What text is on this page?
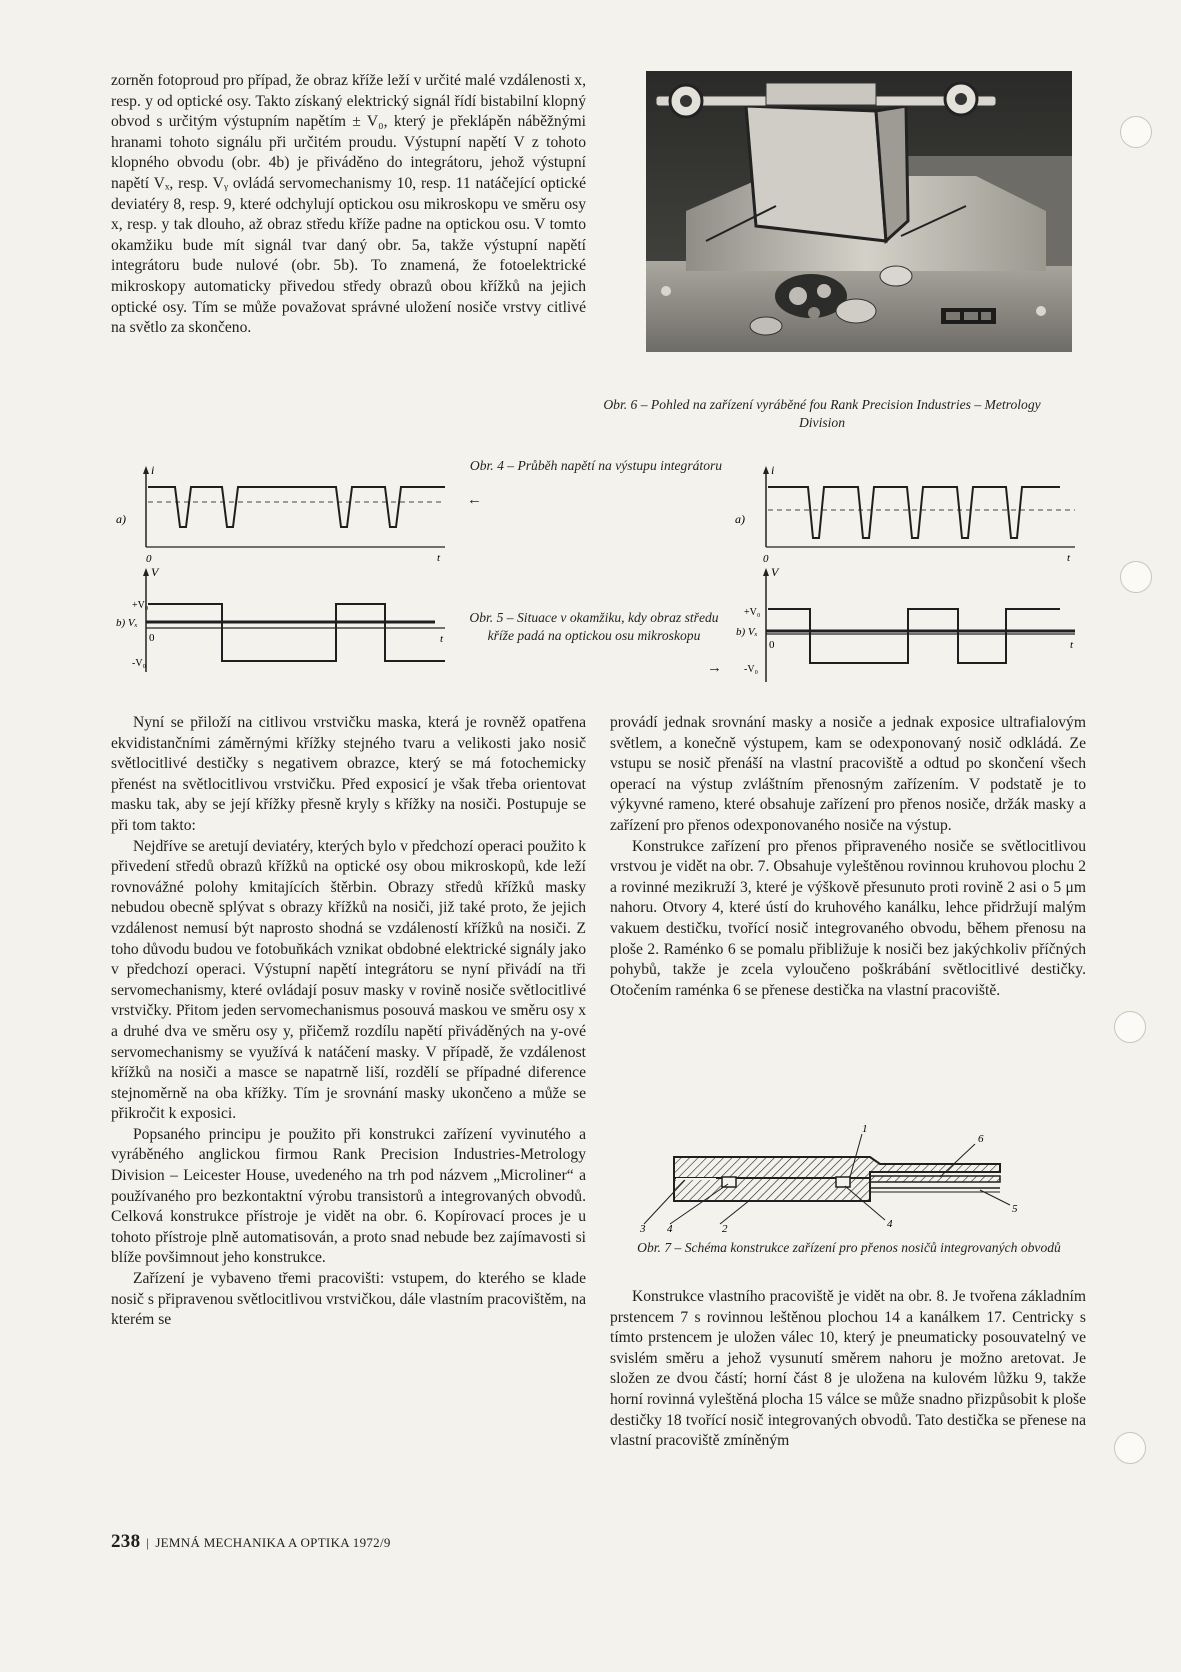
zorněn fotoproud pro případ, že obraz kříže leží v určité malé vzdálenosti x, resp. y od optické osy. Takto získaný elektrický signál řídí bistabilní klopný obvod s určitým výstupním napětím ± V₀, který je překlápěn náběžnými hranami tohoto signálu při určitém proudu. Výstupní napětí V z tohoto klopného obvodu (obr. 4b) je přiváděno do integrátoru, jehož výstupní napětí Vₓ, resp. Vᵧ ovládá servomechanismy 10, resp. 11 natáčející optické deviatéry 8, resp. 9, které odchylují optickou osu mikroskopu ve směru osy x, resp. y tak dlouho, až obraz středu kříže padne na optickou osu. V tomto okamžiku bude mít signál tvar daný obr. 5a, takže výstupní napětí integrátoru bude nulové (obr. 5b). To znamená, že fotoelektrické mikroskopy automaticky přivedou středy obrazů obou křížků na jejich optické osy. Tím se může považovat správné uložení nosiče vrstvy citlivé na světlo za skončeno.

Obr. 6 – Pohled na zařízení vyráběné fou Rank Precision Industries – Metrology Division
i
0	t
a)
V
b) Vₓ
+V₀
-V₀
0	t
Obr. 4 – Průběh napětí na výstupu integrátoru
←
Obr. 5 – Situace v okamžiku, kdy obraz středu kříže padá na optickou osu mikroskopu
→
i
0	t
a)
V
b) Vₓ
+V₀
-V₀
0	t

Nyní se přiloží na citlivou vrstvičku maska, která je rovněž opatřena ekvidistančními záměrnými křížky stejného tvaru a velikosti jako nosič světlocitlivé destičky s negativem obrazce, který se má fotochemicky přenést na světlocitlivou vrstvičku. Před exposicí je však třeba orientovat masku tak, aby se její křížky přesně kryly s křížky na nosiči. Postupuje se při tom takto:

Nejdříve se aretují deviatéry, kterých bylo v předchozí operaci použito k přivedení středů obrazů křížků na optické osy obou mikroskopů, kde leží rovnovážné polohy kmitajících štěrbin. Obrazy středů křížků masky nebudou obecně splývat s obrazy křížků na nosiči, již také proto, že jejich vzdálenost nemusí být naprosto shodná se vzdáleností křížků na nosiči. Z toho důvodu budou ve fotobuňkách vznikat obdobné elektrické signály jako v předchozí operaci. Výstupní napětí integrátoru se nyní přivádí na tři servomechanismy, které ovládají posuv masky v rovině nosiče světlocitlivé vrstvičky. Přitom jeden servomechanismus posouvá maskou ve směru osy x a druhé dva ve směru osy y, přičemž rozdílu napětí přiváděných na y-ové servomechanismy se využívá k natáčení masky. V případě, že vzdálenost křížků na nosiči a masce se napatrně liší, rozdělí se případné diference stejnoměrně na oba křížky. Tím je srovnání masky ukončeno a může se přikročit k exposici.

Popsaného principu je použito při konstrukci zařízení vyvinutého a vyráběného anglickou firmou Rank Precision Industries-Metrology Division – Leicester House, uvedeného na trh pod názvem „Microliner“ a používaného pro bezkontaktní výrobu transistorů a integrovaných obvodů. Celková konstrukce přístroje je vidět na obr. 6. Kopírovací proces je u tohoto přístroje plně automatisován, a proto snad nebude bez zajímavosti si blíže povšimnout jeho konstrukce.

Zařízení je vybaveno třemi pracovišti: vstupem, do kterého se klade nosič s připravenou světlocitlivou vrstvičkou, dále vlastním pracovištěm, na kterém se

provádí jednak srovnání masky a nosiče a jednak exposice ultrafialovým světlem, a konečně výstupem, kam se odexponovaný nosič odkládá. Ze vstupu se nosič přenáší na vlastní pracoviště a odtud po skončení všech operací na výstup zvláštním přenosným zařízením. V podstatě je to výkyvné rameno, které obsahuje zařízení pro přenos nosiče, držák masky a zařízení pro přenos odexponovaného nosiče na výstup.

Konstrukce zařízení pro přenos připraveného nosiče se světlocitlivou vrstvou je vidět na obr. 7. Obsahuje vyleštěnou rovinnou kruhovou plochu 2 a rovinné mezikruží 3, které je výškově přesunuto proti rovině 2 asi o 5 μm nahoru. Otvory 4, které ústí do kruhového kanálku, lehce přidržují malým vakuem destičku, tvořící nosič integrovaného obvodu, během přenosu na ploše 2. Raménko 6 se pomalu přibližuje k nosiči bez jakýchkoliv příčných pohybů, takže je zcela vyloučeno poškrábání světlocitlivé destičky. Otočením raménka 6 se přenese destička na vlastní pracoviště.

1
6
5
4
2
4
3
Obr. 7 – Schéma konstrukce zařízení pro přenos nosičů integrovaných obvodů

Konstrukce vlastního pracoviště je vidět na obr. 8. Je tvořena základním prstencem 7 s rovinnou leštěnou plochou 14 a kanálkem 17. Centricky s tímto prstencem je uložen válec 10, který je pneumaticky posouvatelný ve svislém směru a jehož vysunutí směrem nahoru je možno aretovat. Je složen ze dvou částí; horní část 8 je uložena na kulovém lůžku 9, takže horní rovinná vyleštěná plocha 15 válce se může snadno přizpůsobit k ploše destičky 18 tvořící nosič integrovaných obvodů. Tato destička se přenese na vlastní pracoviště zmíněným

238 | JEMNÁ MECHANIKA A OPTIKA 1972/9
